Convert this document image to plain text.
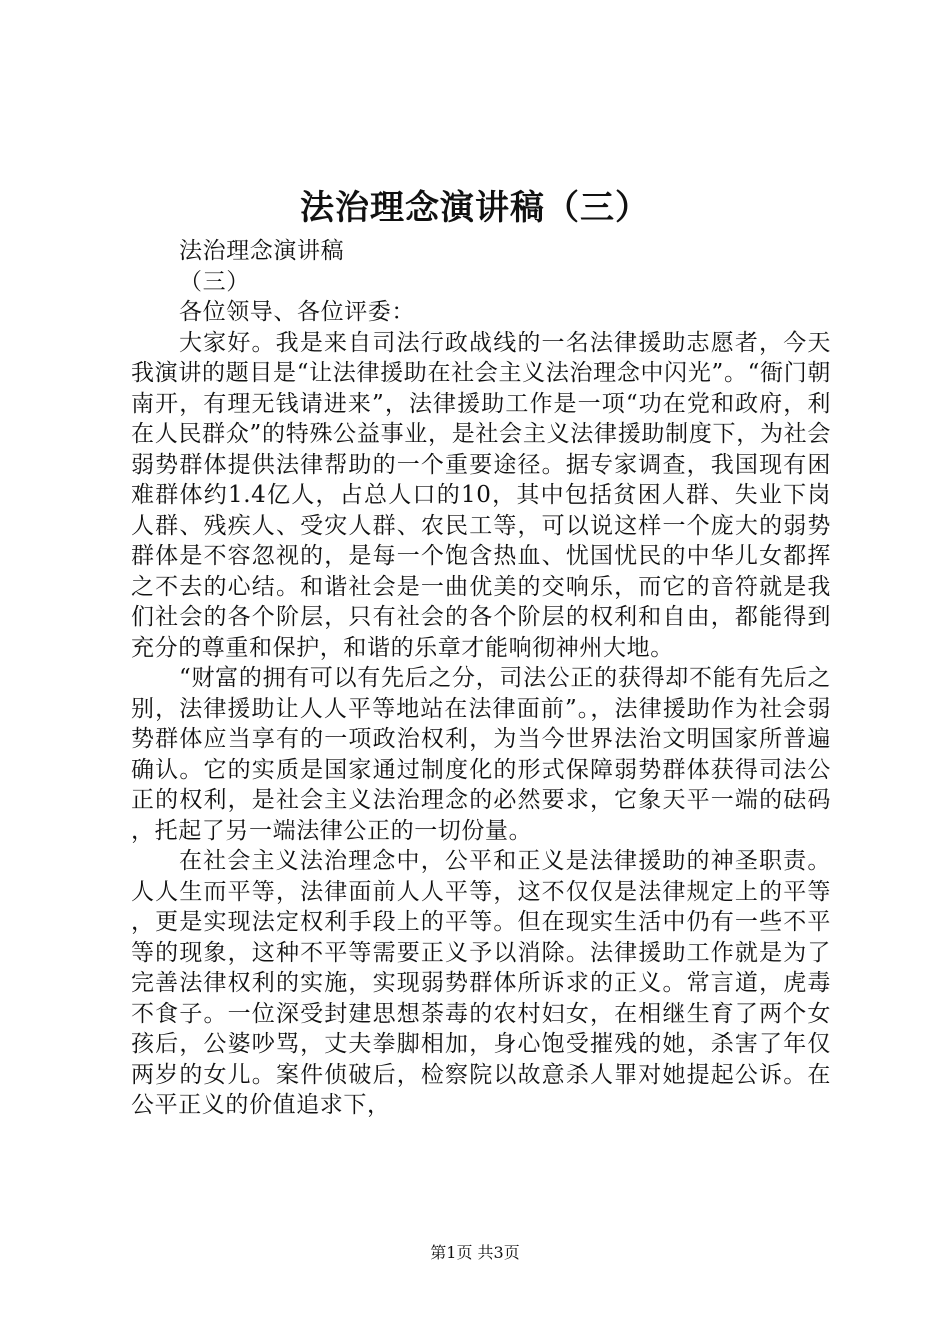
法治理念演讲稿（三）

法治理念演讲稿

（三）

各位领导、各位评委：

大家好。我是来自司法行政战线的一名法律援助志愿者，今天我演讲的题目是“让法律援助在社会主义法治理念中闪光”。“衙门朝南开，有理无钱请进来”，法律援助工作是一项“功在党和政府，利在人民群众”的特殊公益事业，是社会主义法律援助制度下，为社会弱势群体提供法律帮助的一个重要途径。据专家调查，我国现有困难群体约1.4亿人，占总人口的10，其中包括贫困人群、失业下岗人群、残疾人、受灾人群、农民工等，可以说这样一个庞大的弱势群体是不容忽视的，是每一个饱含热血、忧国忧民的中华儿女都挥之不去的心结。和谐社会是一曲优美的交响乐，而它的音符就是我们社会的各个阶层，只有社会的各个阶层的权利和自由，都能得到充分的尊重和保护，和谐的乐章才能响彻神州大地。

“财富的拥有可以有先后之分，司法公正的获得却不能有先后之别，法律援助让人人平等地站在法律面前”。，法律援助作为社会弱势群体应当享有的一项政治权利，为当今世界法治文明国家所普遍确认。它的实质是国家通过制度化的形式保障弱势群体获得司法公正的权利，是社会主义法治理念的必然要求，它象天平一端的砝码，托起了另一端法律公正的一切份量。

在社会主义法治理念中，公平和正义是法律援助的神圣职责。人人生而平等，法律面前人人平等，这不仅仅是法律规定上的平等，更是实现法定权利手段上的平等。但在现实生活中仍有一些不平等的现象，这种不平等需要正义予以消除。法律援助工作就是为了完善法律权利的实施，实现弱势群体所诉求的正义。常言道，虎毒不食子。一位深受封建思想荼毒的农村妇女，在相继生育了两个女孩后，公婆吵骂，丈夫拳脚相加，身心饱受摧残的她，杀害了年仅两岁的女儿。案件侦破后，检察院以故意杀人罪对她提起公诉。在公平正义的价值追求下，

第1页 共3页
